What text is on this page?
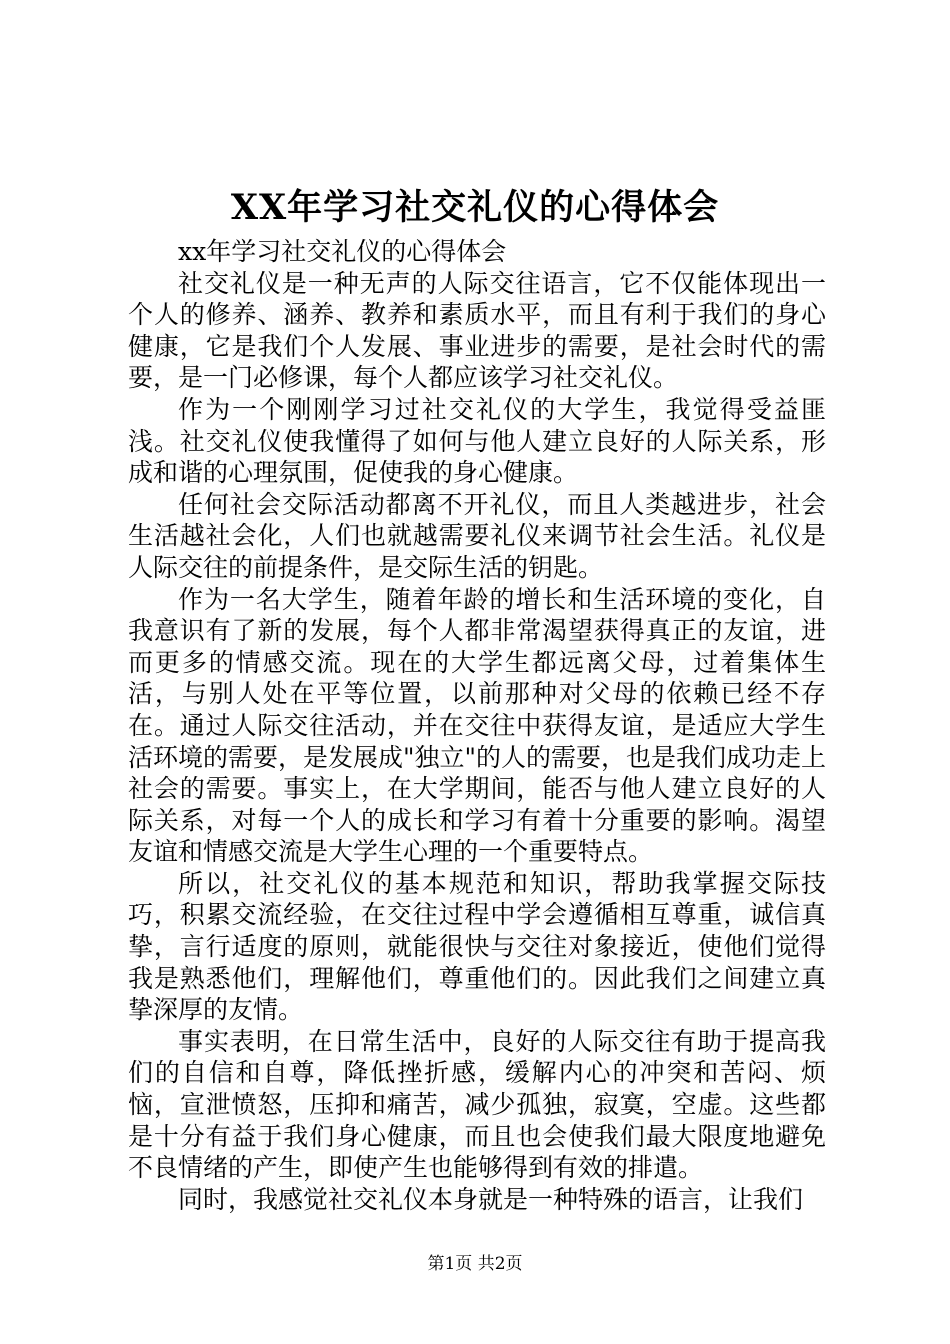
XX年学习社交礼仪的心得体会

xx年学习社交礼仪的心得体会

社交礼仪是一种无声的人际交往语言，它不仅能体现出一个人的修养、涵养、教养和素质水平，而且有利于我们的身心健康，它是我们个人发展、事业进步的需要，是社会时代的需要，是一门必修课，每个人都应该学习社交礼仪。

作为一个刚刚学习过社交礼仪的大学生，我觉得受益匪浅。社交礼仪使我懂得了如何与他人建立良好的人际关系，形成和谐的心理氛围，促使我的身心健康。

任何社会交际活动都离不开礼仪，而且人类越进步，社会生活越社会化，人们也就越需要礼仪来调节社会生活。礼仪是人际交往的前提条件，是交际生活的钥匙。

作为一名大学生，随着年龄的增长和生活环境的变化，自我意识有了新的发展，每个人都非常渴望获得真正的友谊，进而更多的情感交流。现在的大学生都远离父母，过着集体生活，与别人处在平等位置，以前那种对父母的依赖已经不存在。通过人际交往活动，并在交往中获得友谊，是适应大学生活环境的需要，是发展成"独立"的人的需要，也是我们成功走上社会的需要。事实上，在大学期间，能否与他人建立良好的人际关系，对每一个人的成长和学习有着十分重要的影响。渴望友谊和情感交流是大学生心理的一个重要特点。

所以，社交礼仪的基本规范和知识，帮助我掌握交际技巧，积累交流经验，在交往过程中学会遵循相互尊重，诚信真挚，言行适度的原则，就能很快与交往对象接近，使他们觉得我是熟悉他们，理解他们，尊重他们的。因此我们之间建立真挚深厚的友情。

事实表明，在日常生活中，良好的人际交往有助于提高我们的自信和自尊，降低挫折感，缓解内心的冲突和苦闷、烦恼，宣泄愤怒，压抑和痛苦，减少孤独，寂寞，空虚。这些都是十分有益于我们身心健康，而且也会使我们最大限度地避免不良情绪的产生，即使产生也能够得到有效的排遣。

同时，我感觉社交礼仪本身就是一种特殊的语言，让我们

第1页 共2页
